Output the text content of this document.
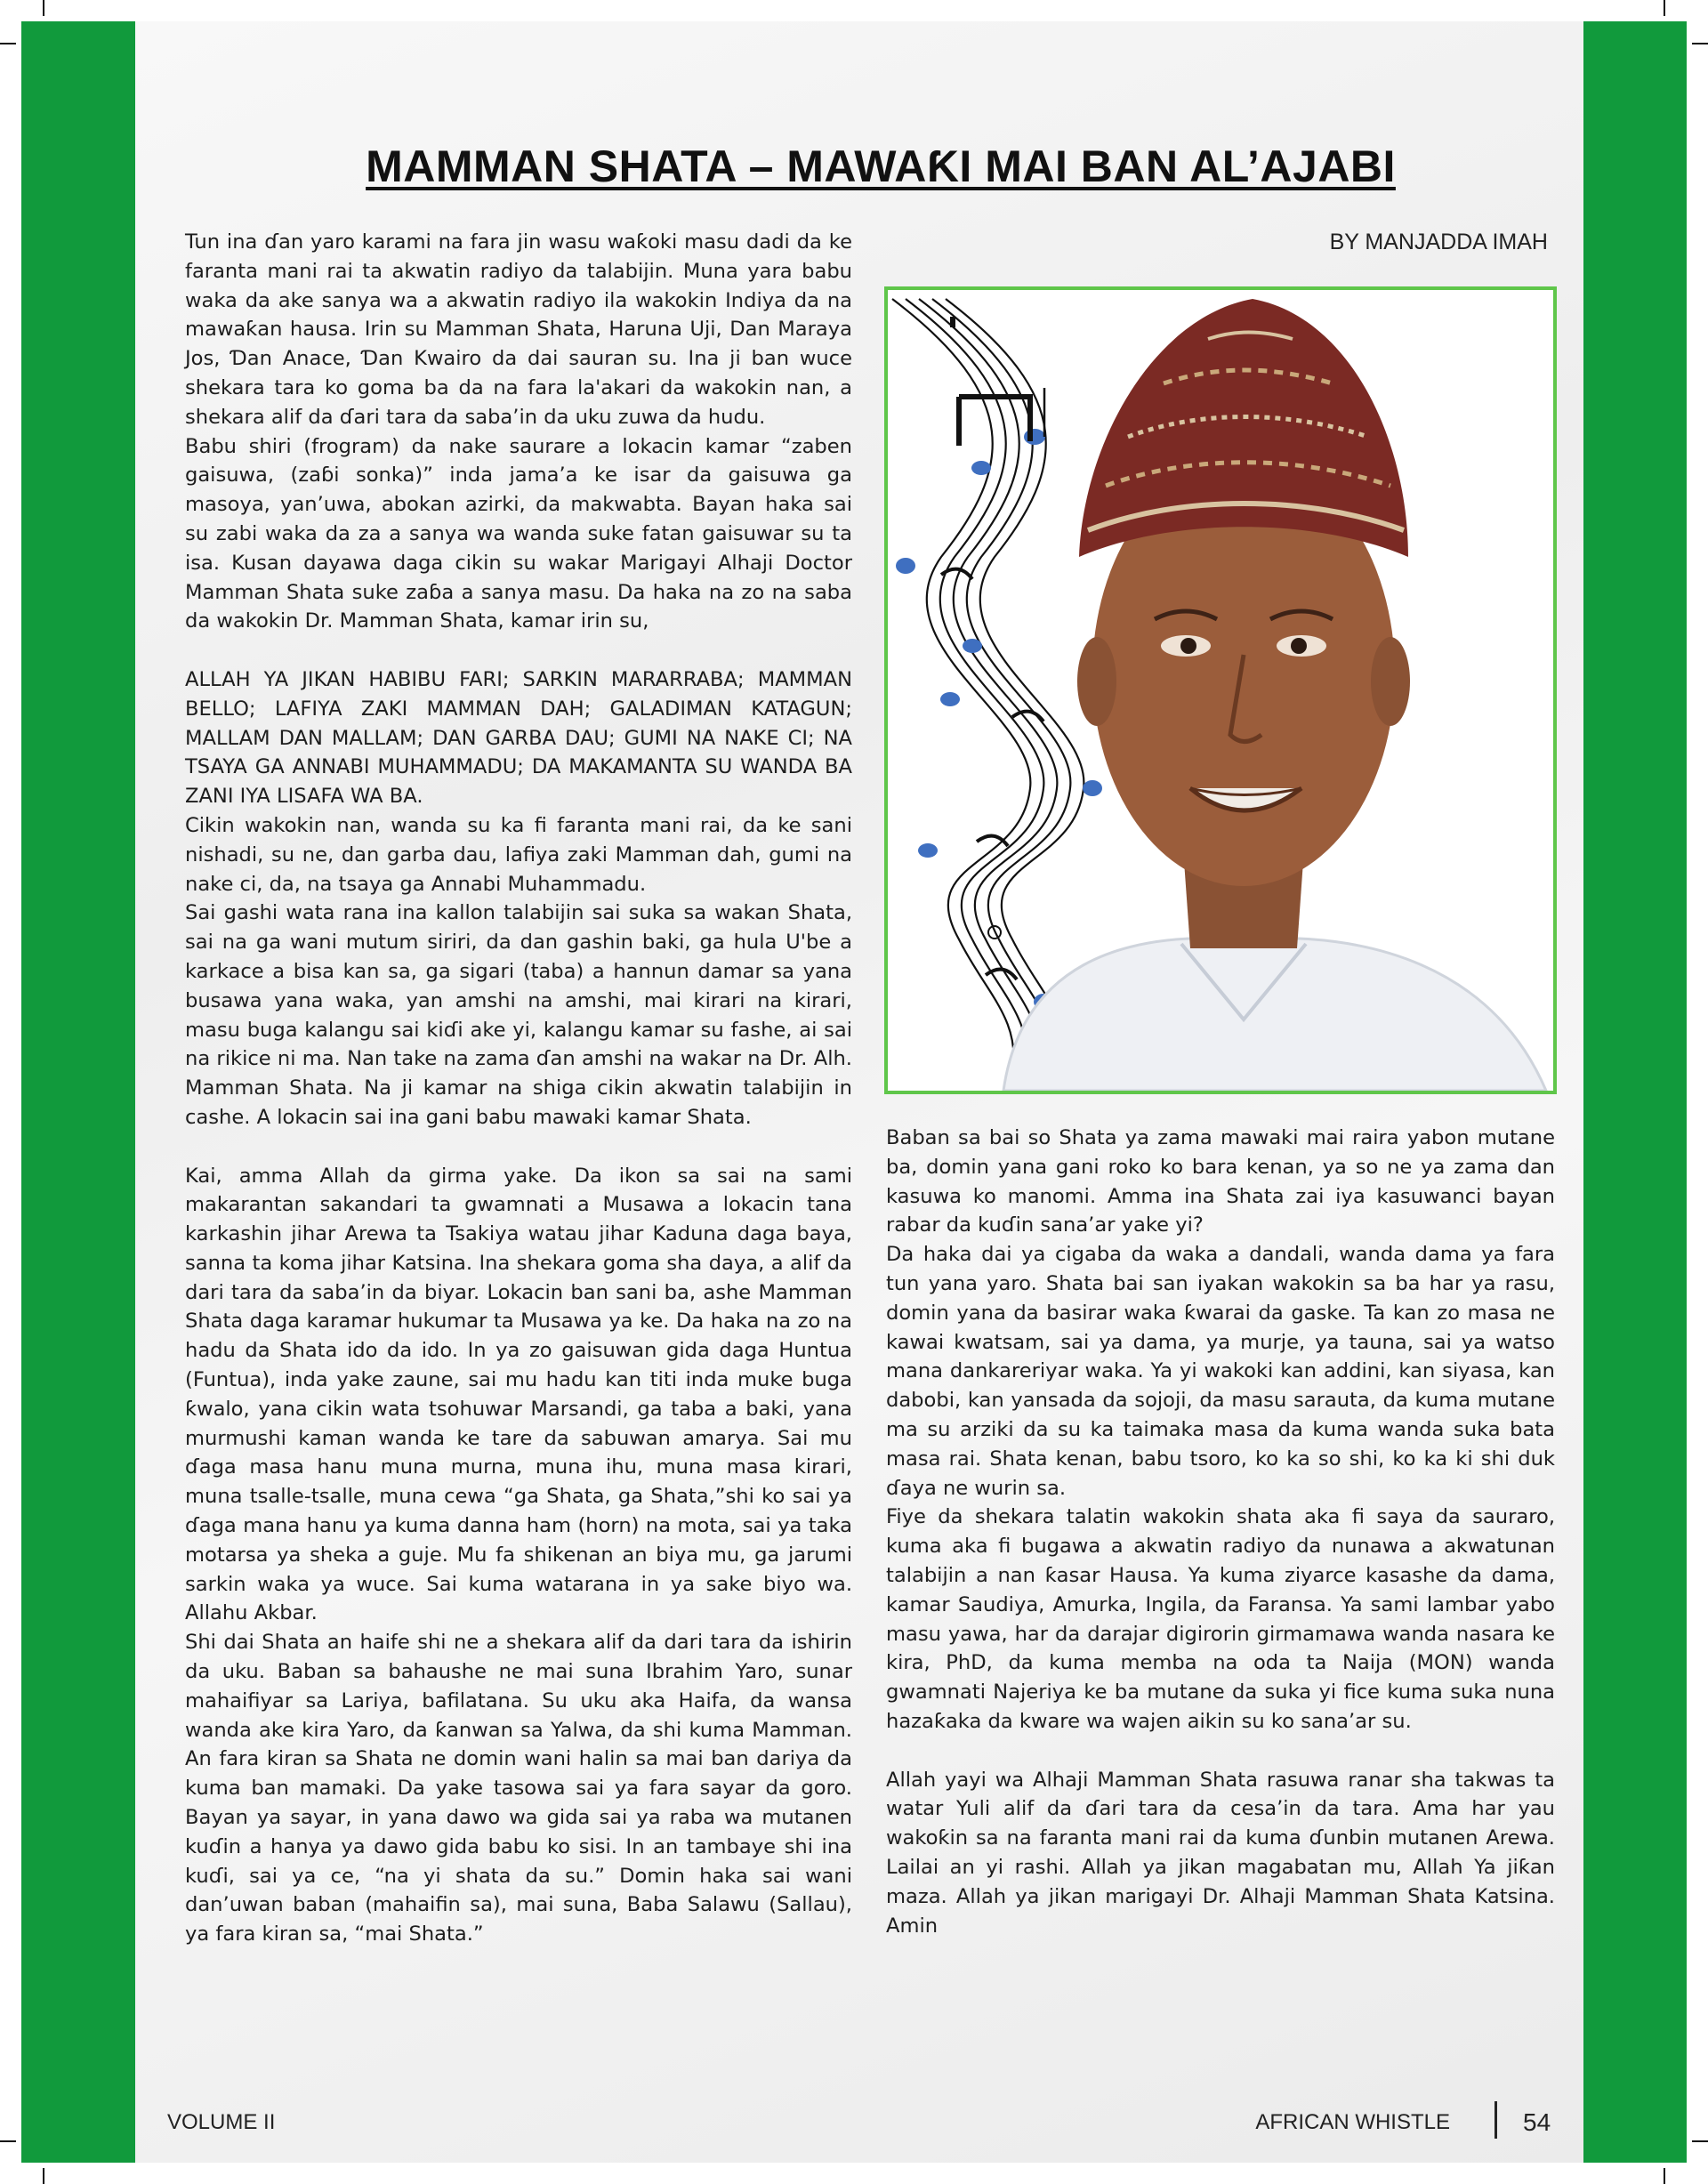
MAMMAN SHATA – MAWAƘI MAI BAN AL’AJABI

BY MANJADDA IMAH

Tun ina ɗan yaro karami na fara jin wasu waƙoki masu dadi da ke faranta mani rai ta akwatin radiyo da talabijin. Muna yara babu waka da ake sanya wa a akwatin radiyo ila wakokin Indiya da na mawaƙan hausa. Irin su Mamman Shata, Haruna Uji, Dan Maraya Jos, Ɗan Anace, Ɗan Kwairo da dai sauran su. Ina ji ban wuce shekara tara ko goma ba da na fara la'akari da wakokin nan, a shekara alif da ɗari tara da saba’in da uku zuwa da hudu.

Babu shiri (frogram) da nake saurare a lokacin kamar “zaben gaisuwa, (zaɓi sonka)” inda jama’a ke isar da gaisuwa ga masoya, yan’uwa, abokan azirki, da makwabta. Bayan haka sai su zabi waka da za a sanya wa wanda suke fatan gaisuwar su ta isa. Kusan dayawa daga cikin su wakar Marigayi Alhaji Doctor Mamman Shata suke zaɓa a sanya masu. Da haka na zo na saba da wakokin Dr. Mamman Shata, kamar irin su,

ALLAH YA JIKAN HABIBU FARI; SARKIN MARARRABA; MAMMAN BELLO; LAFIYA ZAKI MAMMAN DAH; GALADIMAN KATAGUN; MALLAM DAN MALLAM; DAN GARBA DAU; GUMI NA NAKE CI; NA TSAYA GA ANNABI MUHAMMADU; DA MAKAMANTA SU WANDA BA ZANI IYA LISAFA WA BA.

Cikin wakokin nan, wanda su ka fi faranta mani rai, da ke sani nishadi, su ne, dan garba dau, lafiya zaki Mamman dah, gumi na nake ci, da, na tsaya ga Annabi Muhammadu.

Sai gashi wata rana ina kallon talabijin sai suka sa wakan Shata, sai na ga wani mutum siriri, da dan gashin baki, ga hula U'be a karkace a bisa kan sa, ga sigari (taba) a hannun damar sa yana busawa yana waka, yan amshi na amshi, mai kirari na kirari, masu buga kalangu sai kiɗi ake yi, kalangu kamar su fashe, ai sai na rikice ni ma. Nan take na zama ɗan amshi na wakar na Dr. Alh. Mamman Shata. Na ji kamar na shiga cikin akwatin talabijin in cashe. A lokacin sai ina gani babu mawaki kamar Shata.

Kai, amma Allah da girma yake. Da ikon sa sai na sami makarantan sakandari ta gwamnati a Musawa a lokacin tana karkashin jihar Arewa ta Tsakiya watau jihar Kaduna daga baya, sanna ta koma jihar Katsina. Ina shekara goma sha daya, a alif da dari tara da saba’in da biyar. Lokacin ban sani ba, ashe Mamman Shata daga karamar hukumar ta Musawa ya ke. Da haka na zo na hadu da Shata ido da ido. In ya zo gaisuwan gida daga Huntua (Funtua), inda yake zaune, sai mu hadu kan titi inda muke buga ƙwalo, yana cikin wata tsohuwar Marsandi, ga taba a baki, yana murmushi kaman wanda ke tare da sabuwan amarya. Sai mu ɗaga masa hanu muna murna, muna ihu, muna masa kirari, muna tsalle-tsalle, muna cewa “ga Shata, ga Shata,”shi ko sai ya ɗaga mana hanu ya kuma danna ham (horn) na mota, sai ya taka motarsa ya sheka a guje. Mu fa shikenan an biya mu, ga jarumi sarkin waka ya wuce. Sai kuma watarana in ya sake biyo wa. Allahu Akbar.

Shi dai Shata an haife shi ne a shekara alif da dari tara da ishirin da uku. Baban sa bahaushe ne mai suna Ibrahim Yaro, sunar mahaifiyar sa Lariya, bafilatana. Su uku aka Haifa, da wansa wanda ake kira Yaro, da ƙanwan sa Yalwa, da shi kuma Mamman. An fara kiran sa Shata ne domin wani halin sa mai ban dariya da kuma ban mamaki. Da yake tasowa sai ya fara sayar da goro. Bayan ya sayar, in yana dawo wa gida sai ya raba wa mutanen kuɗin a hanya ya dawo gida babu ko sisi. In an tambaye shi ina kuɗi, sai ya ce, “na yi shata da su.” Domin haka sai wani dan’uwan baban (mahaifin sa), mai suna, Baba Salawu (Sallau), ya fara kiran sa, “mai Shata.”

Baban sa bai so Shata ya zama mawaki mai raira yabon mutane ba, domin yana gani roko ko bara kenan, ya so ne ya zama dan kasuwa ko manomi. Amma ina Shata zai iya kasuwanci bayan rabar da kuɗin sana’ar yake yi?

Da haka dai ya cigaba da waka a dandali, wanda dama ya fara tun yana yaro. Shata bai san iyakan wakokin sa ba har ya rasu, domin yana da basirar waka ƙwarai da gaske. Ta kan zo masa ne kawai kwatsam, sai ya dama, ya murje, ya tauna, sai ya watso mana dankareriyar waka. Ya yi wakoki kan addini, kan siyasa, kan dabobi, kan yansada da sojoji, da masu sarauta, da kuma mutane ma su arziki da su ka taimaka masa da kuma wanda suka bata masa rai. Shata kenan, babu tsoro, ko ka so shi, ko ka ki shi duk ɗaya ne wurin sa.

Fiye da shekara talatin wakokin shata aka fi saya da sauraro, kuma aka fi bugawa a akwatin radiyo da nunawa a akwatunan talabijin a nan ƙasar Hausa. Ya kuma ziyarce kasashe da dama, kamar Saudiya, Amurka, Ingila, da Faransa. Ya sami lambar yabo masu yawa, har da darajar digirorin girmamawa wanda nasara ke kira, PhD, da kuma memba na oda ta Naija (MON) wanda gwamnati Najeriya ke ba mutane da suka yi fice kuma suka nuna hazaƙaka da kware wa wajen aikin su ko sana’ar su.

Allah yayi wa Alhaji Mamman Shata rasuwa ranar sha takwas ta watar Yuli alif da ɗari tara da cesa’in da tara. Ama har yau wakoƙin sa na faranta mani rai da kuma ɗunbin mutanen Arewa. Lailai an yi rashi. Allah ya jikan magabatan mu, Allah Ya jiƙan maza. Allah ya jikan marigayi Dr. Alhaji Mamman Shata Katsina. Amin

VOLUME II	AFRICAN WHISTLE	54
